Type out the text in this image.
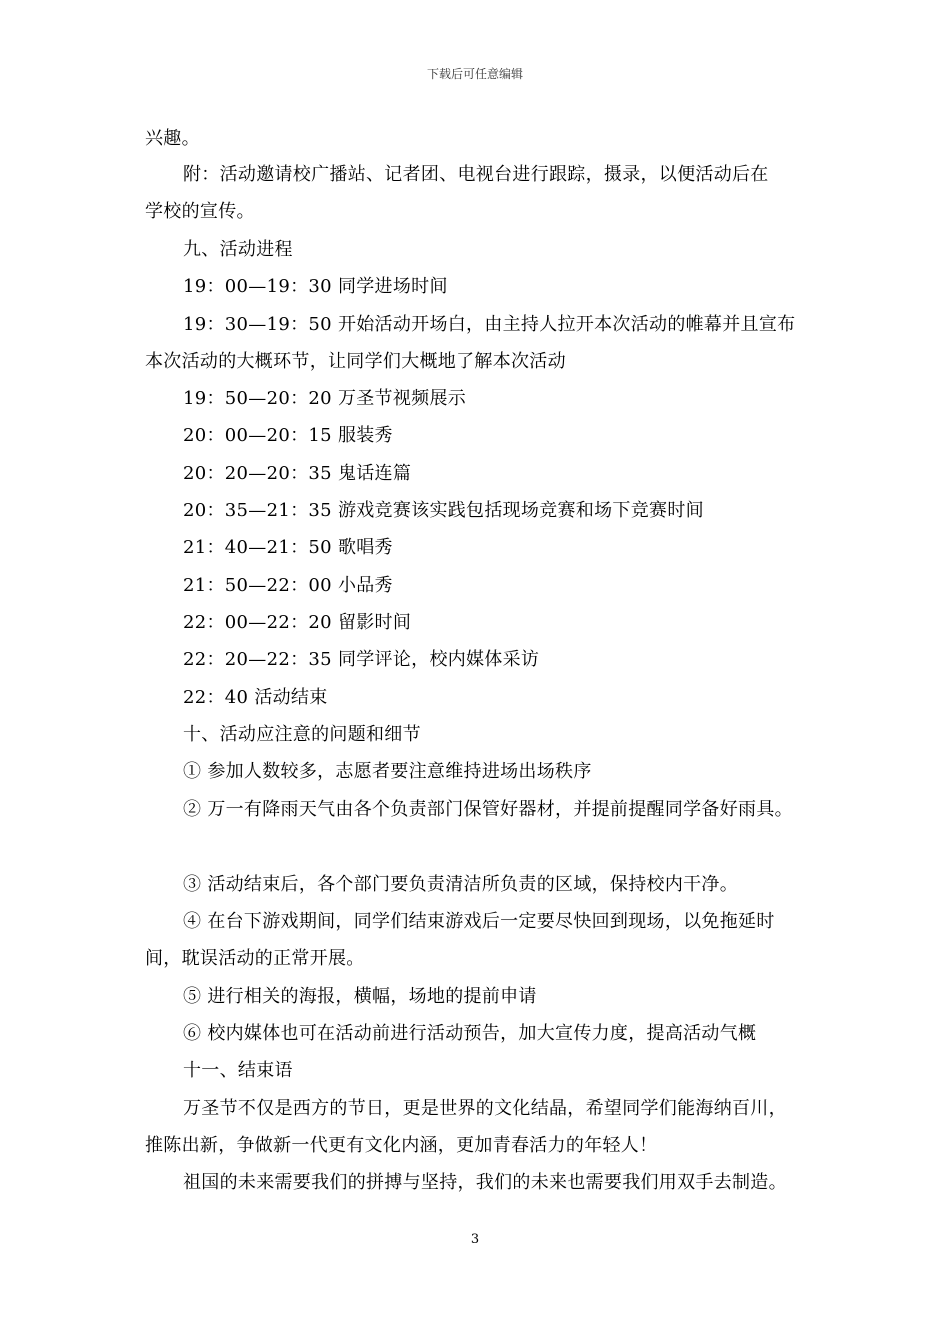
下载后可任意编辑
兴趣。
附：活动邀请校广播站、记者团、电视台进行跟踪，摄录，以便活动后在
学校的宣传。
九、活动进程
19：00—19：30 同学进场时间
19：30—19：50 开始活动开场白，由主持人拉开本次活动的帷幕并且宣布
本次活动的大概环节，让同学们大概地了解本次活动
19：50—20：20 万圣节视频展示
20：00—20：15 服装秀
20：20—20：35 鬼话连篇
20：35—21：35 游戏竞赛该实践包括现场竞赛和场下竞赛时间
21：40—21：50 歌唱秀
21：50—22：00 小品秀
22：00—22：20 留影时间
22：20—22：35 同学评论，校内媒体采访
22：40 活动结束
十、活动应注意的问题和细节
① 参加人数较多，志愿者要注意维持进场出场秩序
② 万一有降雨天气由各个负责部门保管好器材，并提前提醒同学备好雨具。
③ 活动结束后，各个部门要负责清洁所负责的区域，保持校内干净。
④ 在台下游戏期间，同学们结束游戏后一定要尽快回到现场，以免拖延时
间，耽误活动的正常开展。
⑤ 进行相关的海报，横幅，场地的提前申请
⑥ 校内媒体也可在活动前进行活动预告，加大宣传力度，提高活动气概
十一、结束语
万圣节不仅是西方的节日，更是世界的文化结晶，希望同学们能海纳百川，
推陈出新，争做新一代更有文化内涵，更加青春活力的年轻人！
祖国的未来需要我们的拼搏与坚持，我们的未来也需要我们用双手去制造。
3
